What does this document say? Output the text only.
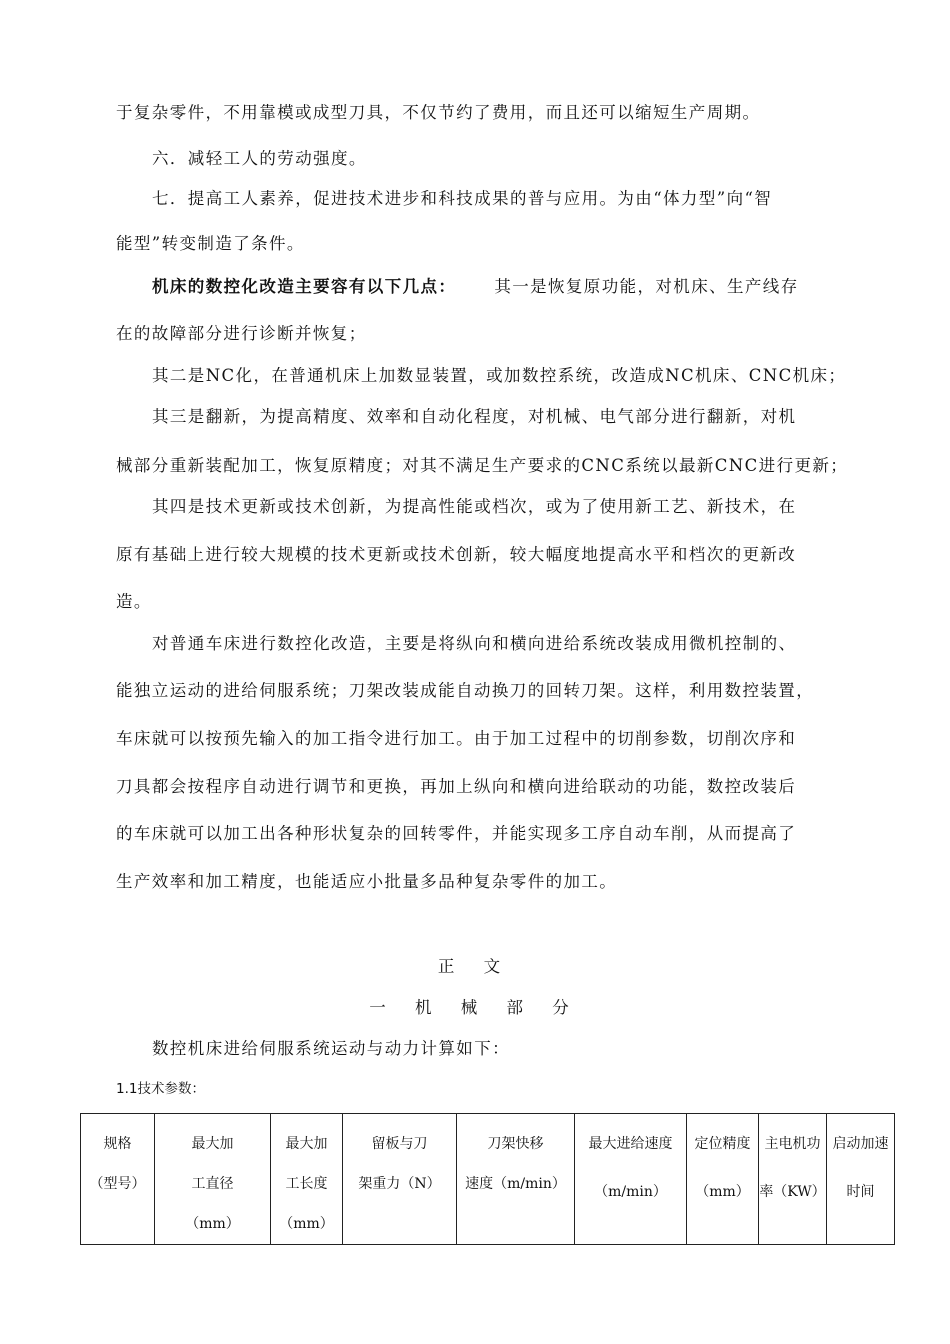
于复杂零件，不用靠模或成型刀具，不仅节约了费用，而且还可以缩短生产周期。
六．减轻工人的劳动强度。
七．提高工人素养，促进技术进步和科技成果的普与应用。为由“体力型”向“智
能型”转变制造了条件。
机床的数控化改造主要容有以下几点： 其一是恢复原功能，对机床、生产线存
在的故障部分进行诊断并恢复；
其二是NC化，在普通机床上加数显装置，或加数控系统，改造成NC机床、CNC机床；
其三是翻新，为提高精度、效率和自动化程度，对机械、电气部分进行翻新，对机
械部分重新装配加工，恢复原精度；对其不满足生产要求的CNC系统以最新CNC进行更新；
其四是技术更新或技术创新，为提高性能或档次，或为了使用新工艺、新技术，在
原有基础上进行较大规模的技术更新或技术创新，较大幅度地提高水平和档次的更新改
造。
对普通车床进行数控化改造，主要是将纵向和横向进给系统改装成用微机控制的、
能独立运动的进给伺服系统；刀架改装成能自动换刀的回转刀架。这样，利用数控装置，
车床就可以按预先输入的加工指令进行加工。由于加工过程中的切削参数，切削次序和
刀具都会按程序自动进行调节和更换，再加上纵向和横向进给联动的功能，数控改装后
的车床就可以加工出各种形状复杂的回转零件，并能实现多工序自动车削，从而提高了
生产效率和加工精度，也能适应小批量多品种复杂零件的加工。
正 文
一 机 械 部 分
数控机床进给伺服系统运动与动力计算如下：
1.1技术参数：
规格
（型号）

最大加
工直径
（mm）

最大加
工长度
（mm）

留板与刀
架重力（N）

刀架快移
速度（m/min）

最大进给速度
（m/min）

定位精度
（mm）

主电机功
率（KW）

启动加速
时间
